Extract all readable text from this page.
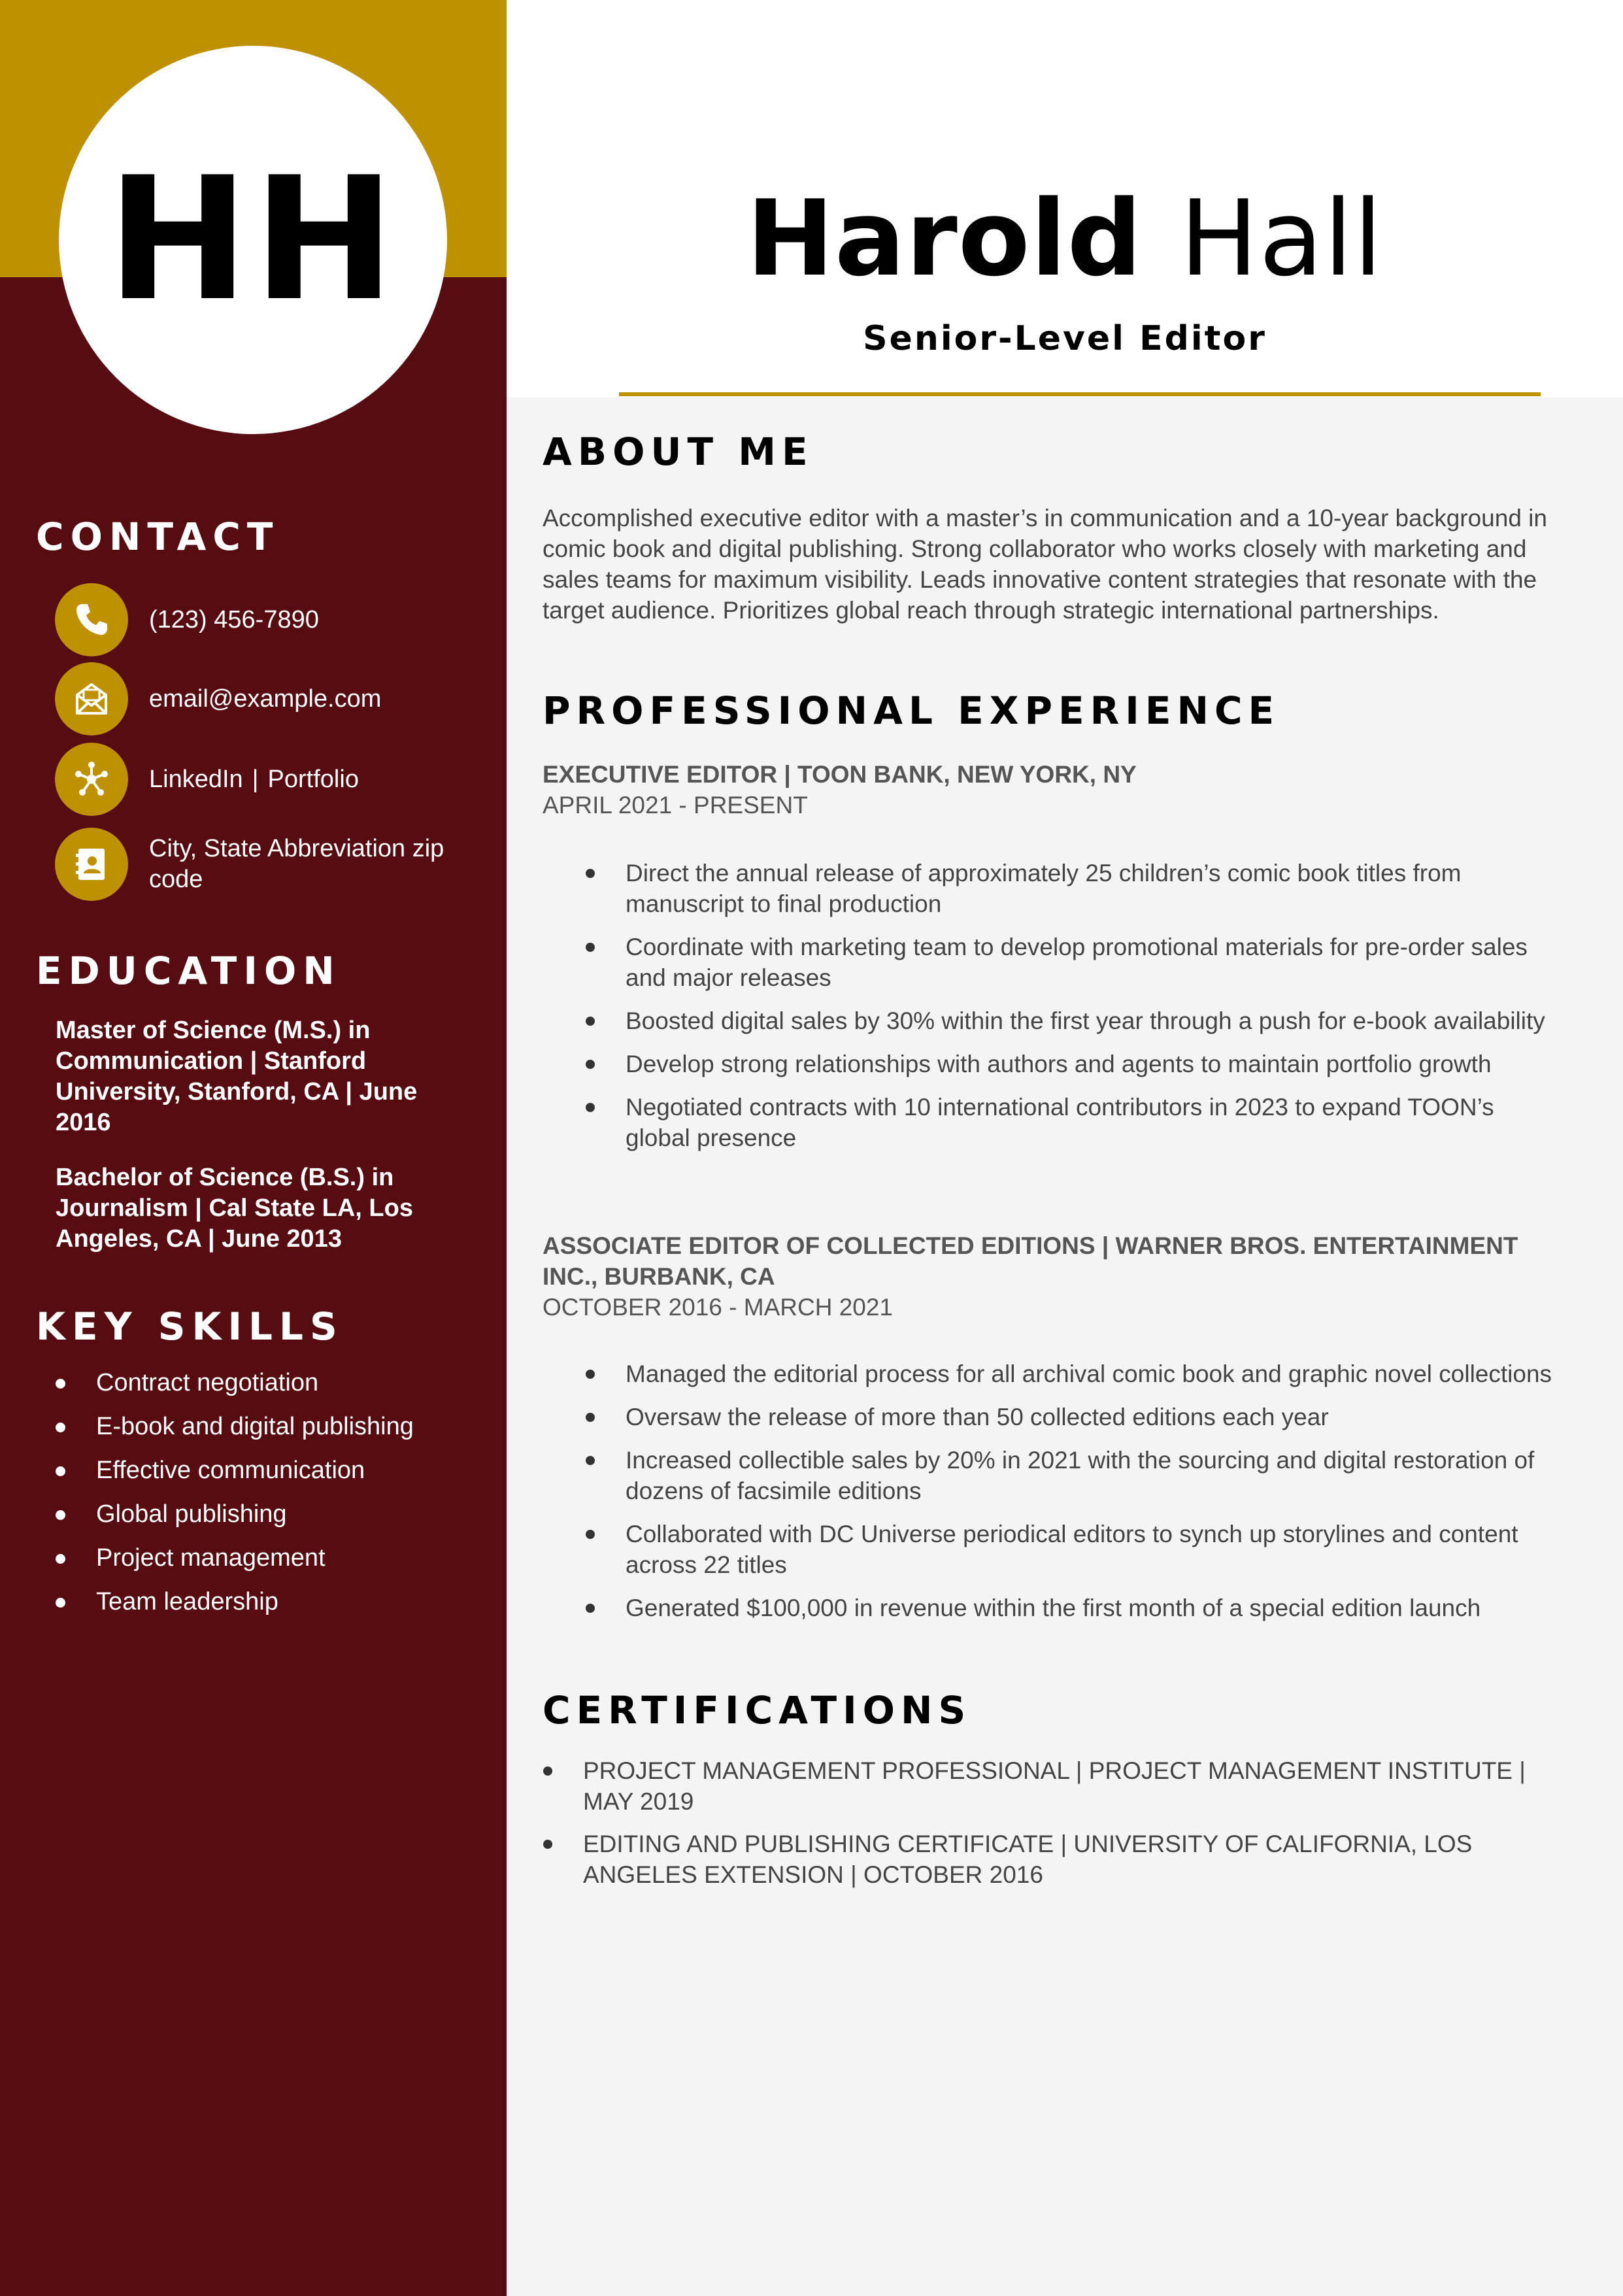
HH
CONTACT
(123) 456-7890
email@example.com
LinkedIn | Portfolio
City, State Abbreviation zip code
EDUCATION
Master of Science (M.S.) in Communication | Stanford University, Stanford, CA | June 2016
Bachelor of Science (B.S.) in Journalism | Cal State LA, Los Angeles, CA | June 2013
KEY SKILLS
Contract negotiation
E-book and digital publishing
Effective communication
Global publishing
Project management
Team leadership
Harold Hall
Senior-Level Editor
ABOUT ME

Accomplished executive editor with a master’s in communication and a 10-year background in comic book and digital publishing. Strong collaborator who works closely with marketing and sales teams for maximum visibility. Leads innovative content strategies that resonate with the target audience. Prioritizes global reach through strategic international partnerships.

PROFESSIONAL EXPERIENCE
EXECUTIVE EDITOR | TOON BANK, NEW YORK, NY
APRIL 2021 - PRESENT
Direct the annual release of approximately 25 children’s comic book titles from manuscript to final production
Coordinate with marketing team to develop promotional materials for pre-order sales and major releases
Boosted digital sales by 30% within the first year through a push for e-book availability
Develop strong relationships with authors and agents to maintain portfolio growth
Negotiated contracts with 10 international contributors in 2023 to expand TOON’s global presence
ASSOCIATE EDITOR OF COLLECTED EDITIONS | WARNER BROS. ENTERTAINMENT INC., BURBANK, CA
OCTOBER 2016 - MARCH 2021
Managed the editorial process for all archival comic book and graphic novel collections
Oversaw the release of more than 50 collected editions each year
Increased collectible sales by 20% in 2021 with the sourcing and digital restoration of dozens of facsimile editions
Collaborated with DC Universe periodical editors to synch up storylines and content across 22 titles
Generated $100,000 in revenue within the first month of a special edition launch
CERTIFICATIONS
PROJECT MANAGEMENT PROFESSIONAL | PROJECT MANAGEMENT INSTITUTE | MAY 2019
EDITING AND PUBLISHING CERTIFICATE | UNIVERSITY OF CALIFORNIA, LOS ANGELES EXTENSION | OCTOBER 2016
